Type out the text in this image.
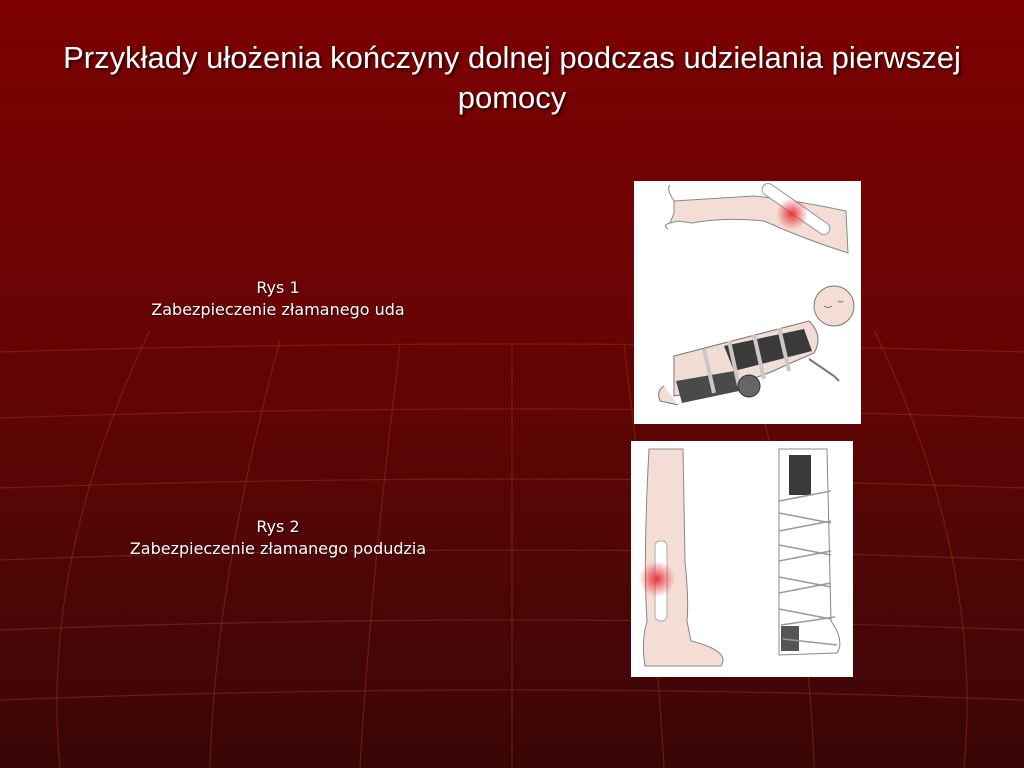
Przykłady ułożenia kończyny dolnej podczas udzielania pierwszej pomocy
Rys 1
Zabezpieczenie złamanego uda
Rys 2
Zabezpieczenie złamanego podudzia
